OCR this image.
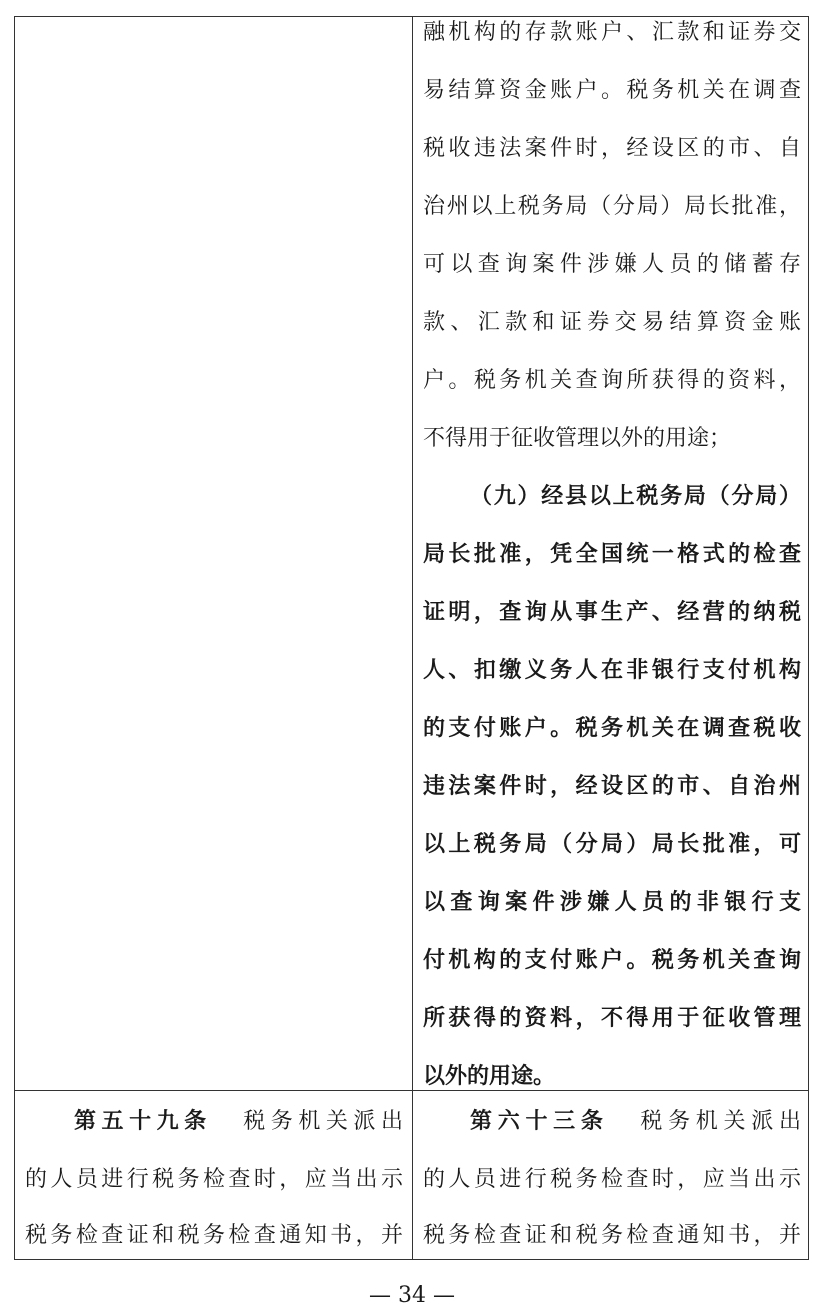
融机构的存款账户、汇款和证券交
易结算资金账户。税务机关在调查
税收违法案件时，经设区的市、自
治州以上税务局（分局）局长批准，
可以查询案件涉嫌人员的储蓄存
款、汇款和证券交易结算资金账
户。税务机关查询所获得的资料，
不得用于征收管理以外的用途；
（九）经县以上税务局（分局）
局长批准，凭全国统一格式的检查
证明，查询从事生产、经营的纳税
人、扣缴义务人在非银行支付机构
的支付账户。税务机关在调查税收
违法案件时，经设区的市、自治州
以上税务局（分局）局长批准，可
以查询案件涉嫌人员的非银行支
付机构的支付账户。税务机关查询
所获得的资料，不得用于征收管理
以外的用途。
第五十九条 税务机关派出
的人员进行税务检查时，应当出示
税务检查证和税务检查通知书，并
第六十三条 税务机关派出
的人员进行税务检查时，应当出示
税务检查证和税务检查通知书，并
— 34 —
